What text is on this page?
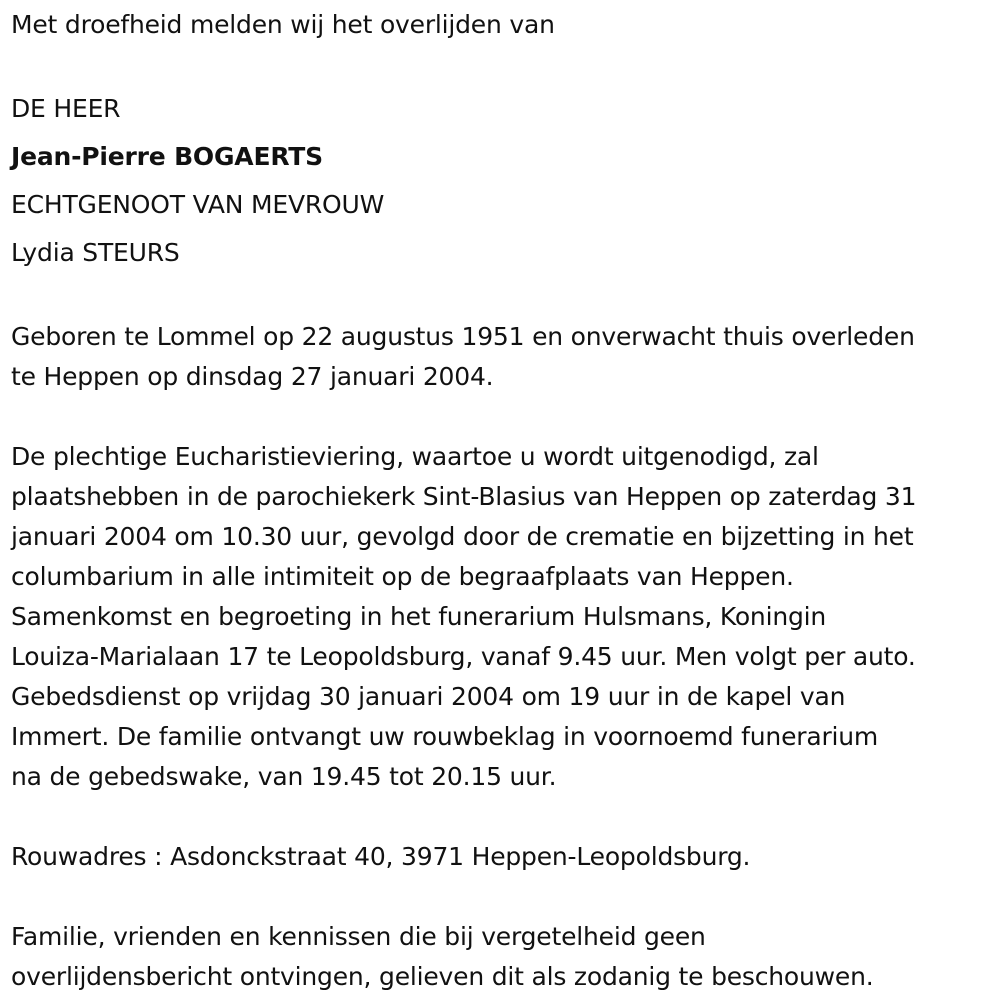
Met droefheid melden wij het overlijden van
DE HEER
Jean-Pierre BOGAERTS
ECHTGENOOT VAN MEVROUW
Lydia STEURS
Geboren te Lommel op 22 augustus 1951 en onverwacht thuis overleden
te Heppen op dinsdag 27 januari 2004.
De plechtige Eucharistieviering, waartoe u wordt uitgenodigd, zal
plaatshebben in de parochiekerk Sint-Blasius van Heppen op zaterdag 31
januari 2004 om 10.30 uur, gevolgd door de crematie en bijzetting in het
columbarium in alle intimiteit op de begraafplaats van Heppen.
Samenkomst en begroeting in het funerarium Hulsmans, Koningin
Louiza-Marialaan 17 te Leopoldsburg, vanaf 9.45 uur. Men volgt per auto.
Gebedsdienst op vrijdag 30 januari 2004 om 19 uur in de kapel van
Immert. De familie ontvangt uw rouwbeklag in voornoemd funerarium
na de gebedswake, van 19.45 tot 20.15 uur.
Rouwadres : Asdonckstraat 40, 3971 Heppen-Leopoldsburg.
Familie, vrienden en kennissen die bij vergetelheid geen
overlijdensbericht ontvingen, gelieven dit als zodanig te beschouwen.
